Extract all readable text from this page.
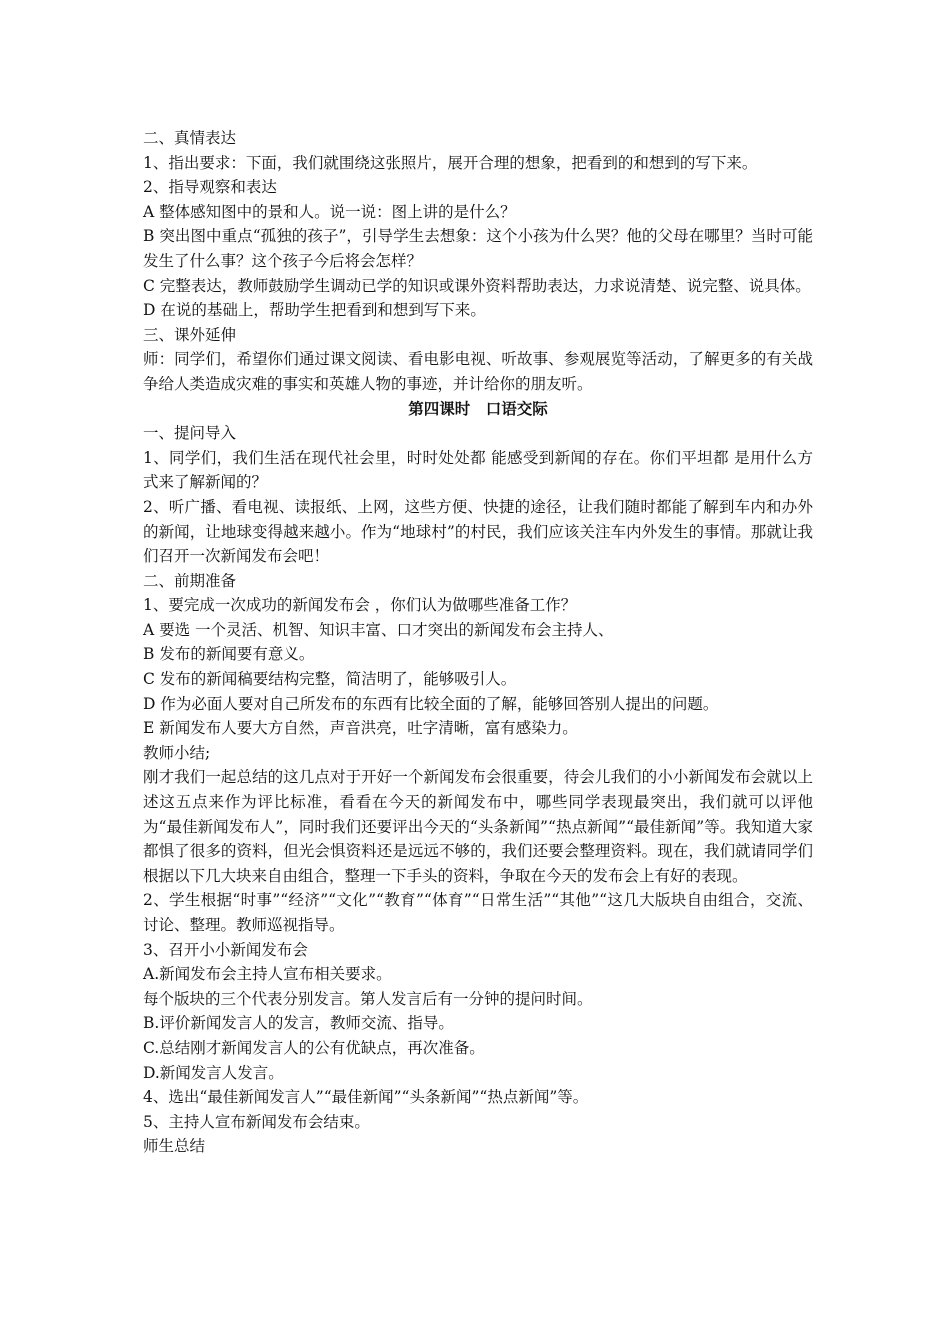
二、真情表达

1、指出要求：下面，我们就围绕这张照片，展开合理的想象，把看到的和想到的写下来。

2、指导观察和表达

A 整体感知图中的景和人。说一说：图上讲的是什么？

B 突出图中重点“孤独的孩子”，引导学生去想象：这个小孩为什么哭？他的父母在哪里？当时可能发生了什么事？这个孩子今后将会怎样？

C 完整表达，教师鼓励学生调动已学的知识或课外资料帮助表达，力求说清楚、说完整、说具体。

D 在说的基础上，帮助学生把看到和想到写下来。

三、课外延伸

师：同学们，希望你们通过课文阅读、看电影电视、听故事、参观展览等活动，了解更多的有关战争给人类造成灾难的事实和英雄人物的事迹，并计给你的朋友听。

第四课时　口语交际

一、提问导入

1、同学们，我们生活在现代社会里，时时处处都 能感受到新闻的存在。你们平坦都 是用什么方式来了解新闻的？

2、听广播、看电视、读报纸、上网，这些方便、快捷的途径，让我们随时都能了解到车内和办外的新闻，让地球变得越来越小。作为“地球村”的村民，我们应该关注车内外发生的事情。那就让我们召开一次新闻发布会吧！

二、前期准备

1、要完成一次成功的新闻发布会 ，你们认为做哪些准备工作？

A 要选 一个灵活、机智、知识丰富、口才突出的新闻发布会主持人、

B 发布的新闻要有意义。

C 发布的新闻稿要结构完整，简洁明了，能够吸引人。

D 作为必面人要对自己所发布的东西有比较全面的了解，能够回答别人提出的问题。

E 新闻发布人要大方自然，声音洪亮，吐字清晰，富有感染力。

教师小结;

刚才我们一起总结的这几点对于开好一个新闻发布会很重要，待会儿我们的小小新闻发布会就以上述这五点来作为评比标准，看看在今天的新闻发布中，哪些同学表现最突出，我们就可以评他为“最佳新闻发布人”，同时我们还要评出今天的“头条新闻”“热点新闻”“最佳新闻”等。我知道大家都惧了很多的资料，但光会惧资料还是远远不够的，我们还要会整理资料。现在，我们就请同学们根据以下几大块来自由组合，整理一下手头的资料，争取在今天的发布会上有好的表现。

2、学生根据“时事”“经济”“文化”“教育”“体育”“日常生活”“其他”“这几大版块自由组合，交流、讨论、整理。教师巡视指导。

3、召开小小新闻发布会

A.新闻发布会主持人宣布相关要求。

每个版块的三个代表分别发言。第人发言后有一分钟的提问时间。

B.评价新闻发言人的发言，教师交流、指导。

C.总结刚才新闻发言人的公有优缺点，再次准备。

D.新闻发言人发言。

4、选出“最佳新闻发言人”“最佳新闻”“头条新闻”“热点新闻”等。

5、主持人宣布新闻发布会结束。

师生总结
